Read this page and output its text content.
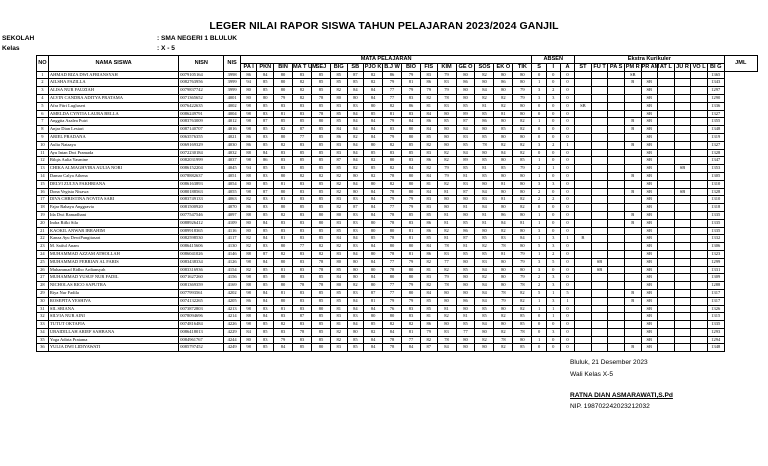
LEGER NILAI RAPOR SISWA TAHUN PELAJARAN 2023/2024 GANJIL
SEKOLAH	: SMA NEGERI 1 BLULUK
Kelas	: X - 5
NO	NAMA SISWA	NISN	NIS	MATA PELAJARAN																ABSEN			Ekstra Kurikuler									JML
				PA I	PKN	BIN	MA T UM	SEJ	BIG	SB	PJO K	B.J W	BIO	FIS	KIM	GE O	SOS	EK O	TIK				ST	FU T	PA S	PM R	PR AM	AT L	JU R	VO L	BI G	
																				S	I	A										
1	AHMAD RIZA DWI AFRIANSYAH	0079105164	3998	86	84	80	83	85	85	87	82	86	79	83	79	80	82	80	80	0	0	0				SB					1365	
2	AILSHA FAZILLA	0082763956	3999	94	85	80	82	85	85	85	82	79	81	86	83	86	80	86	80	1	0	0				B	SB				1343	
3	ALISA NUR FAUZIAH	0079837742	3999	80	85	80	82	85	82	84	84	77	79	79	79	80	84	80	79	3	2	0					SB				1297	
4	ALVIN CANDRA ADITYA PRATAMA	0071365652	4001	80	80	79	82	78	80	80	84	77	83	82	78	80	82	82	79	3	3	0					SB				1290	
5	Afra Fitri Lugluseri	0076422635	4002	98	85	83	83	85	83	83	80	82	86	81	83	85	81	82	80	0	0	0	SB				SB				1336	
6	AMELDA CYNTIA LAURA BELLA	0086249791	4004	98	83	81	83	78	85	84	85	81	83	84	80	89	85	81	80	0	0	0					SB				1327	
7	Anggita Azalea Putri	0083763009	4012	98	87	85	85	80	85	84	84	79	84	86	85	87	86	80	82	1	0	0				B	SB				1355	
8	Anjar Dian Lestari	0087140707	4016	98	85	82	87	85	84	84	84	83	80	84	80	84	80	85	82	0	0	0				B	SB				1348	
9	ARIEL PRADANA	0063576355	4021	86	83	80	77	85	86	82	84	79	80	85	80	83	85	80	80	0	0	0					SB				1319	
10	Aulia Nataaya	0069169329	4030	86	85	82	83	85	83	84	80	82	85	82	80	85	78	82	82	3	2	1				B	SB				1327	
11	Ayu Intan Dwi Pramada	0072230184	4032	88	84	83	85	85	83	84	85	83	85	83	82	84	80	84	82	0	0	0					SB				1328	
12	Bilqis Aulia Yasmine	0082031999	4037	98	86	83	85	85	87	84	82	80	83	86	82	89	85	80	85	1	0	0					SB				1347	
13	CHIKA ALMAGHVIRA AULIA NORI	0086152204	4045	94	85	83	85	85	85	82	85	82	84	82	79	85	81	85	79	2	1	0					SB		SB		1353	
14	Damar Calya Athena	0078882637	4051	88	83	80	82	82	82	80	82	78	80	84	79	81	85	80	80	1	0	0				B	SB				1305	
15	DELVI ZULYA FAKHRIANA	0086163893	4054	80	85	81	83	85	82	84	80	82	80	81	82	83	80	81	80	3	3	0					SB				1310	
16	Dona Vegista Nisawa	0080188563	4055	98	87	80	83	85	82	80	84	78	80	84	81	87	84	80	80	2	0	0				B	SB		SB		1328	
17	DIVA CHRISTINA NOVITA SARI	0083749133	4063	82	83	81	83	85	83	83	84	79	79	83	80	80	83	81	82	2	2	0					SB				1310	
18	Fajar Rahayu Anggravia	0081500920	4070	86	83	80	85	85	82	87	84	77	79	83	80	81	84	80	82	0	0	0					SB				1318	
19	Ida Dwi Ramadhani	0077547546	4097	88	85	82	83	80	80	83	84	78	85	85	81	80	81	86	80	1	0	0				B	SB				1335	
20	Indra Rifki Sila	0088926412	4109	80	84	83	83	80	83	83	80	78	83	86	81	85	81	84	81	1	0	0				B	SB				1335	
21	KAOKIL ANWAR IBRAHIM	0089918365	4116	80	85	83	83	85	85	83	80	80	81	86	82	86	80	82	80	3	0	0					SB				1335	
22	Kanza Ayu DewiPangitasari	0082598530	4117	82	84	81	83	85	84	84	85	78	81	85	81	87	85	83	84	1	3	1	B				SB				1332	
23	M. Saiful Anam	0086415606	4130	82	83	80	77	82	82	83	84	80	80	84	78	81	82	78	80	5	3	0					SB				1306	
24	MUHAMMAD AZZAM ATHOLLAH	0086041026	4146	88	87	82	83	82	83	84	80	78	81	86	83	85	85	81	79	1	2	0					SB				1323	
25	MUHAMMAD FEBRIAN AL FARIS	0083438334	4126	98	84	80	83	78	80	80	84	77	79	82	77	80	83	80	79	3	5	0		SB			SB				1299	
26	Muhammad Ridho Ardiansyah	0083316936	4154	82	85	81	83	78	85	80	80	78	80	81	82	85	84	80	80	3	0	0		SB			SB				1331	
27	MUHAMMAD YUSUF NUR FADIL	0071627260	4156	98	85	80	83	85	84	80	84	80	80	83	79	80	82	80	79	2	3	0					SB				1309	
28	NICHOLAS RICO SAPUTRA	0081369359	4169	88	85	80	78	78	80	82	80	77	79	82	78	80	84	80	78	2	3	0					SB				1288	
29	Riya Nur Fadila	0077993561	4202	98	84	81	83	85	85	83	87	77	80	84	80	80	84	78	82	5	1	5				B	SB				1317	
30	ROSEPITA YESHIVA	0074132265	4205	86	84	80	83	85	85	84	81	79	79	85	80	86	84	79	82	1	3	1				B	SB				1317	
31	SIL SRIANA	0073872803	4213	98	83	81	83	80	81	84	84	76	83	85	81	80	85	80	82	1	1	0					SB				1326	
32	SILVIA NUR AINI	0078094696	4214	88	84	83	87	85	83	83	80	80	83	81	82	81	85	82	85	0	1	0					SB				1315	
33	TUTUT OKTAFIA	0074816484	4226	98	85	82	83	85	81	84	85	82	82	86	80	85	84	80	85	0	0	0					SB				1335	
34	UBAIDILLAH ARIEF SAHBANA	0086418013	4229	84	85	83	78	85	82	80	82	84	81	79	83	77	80	82	78	0	3	0					SB				1293	
35	Yoga Adiria Pratama	0084961767	4244	80	83	79	83	85	82	85	84	78	77	82	78	80	82	78	80	1	0	0					SB				1294	
36	YULIA DWI LIDIYAWATI	0085797452	4249	98	85	84	85	80	83	85	84	78	84	87	84	80	80	82	85	0	0	0				B	SB				1348	
Bluluk, 21 Desember 2023
Wali Kelas X-5
RATNA DIAN ASMARAWATI,S.Pd
NIP. 198702242023212032
